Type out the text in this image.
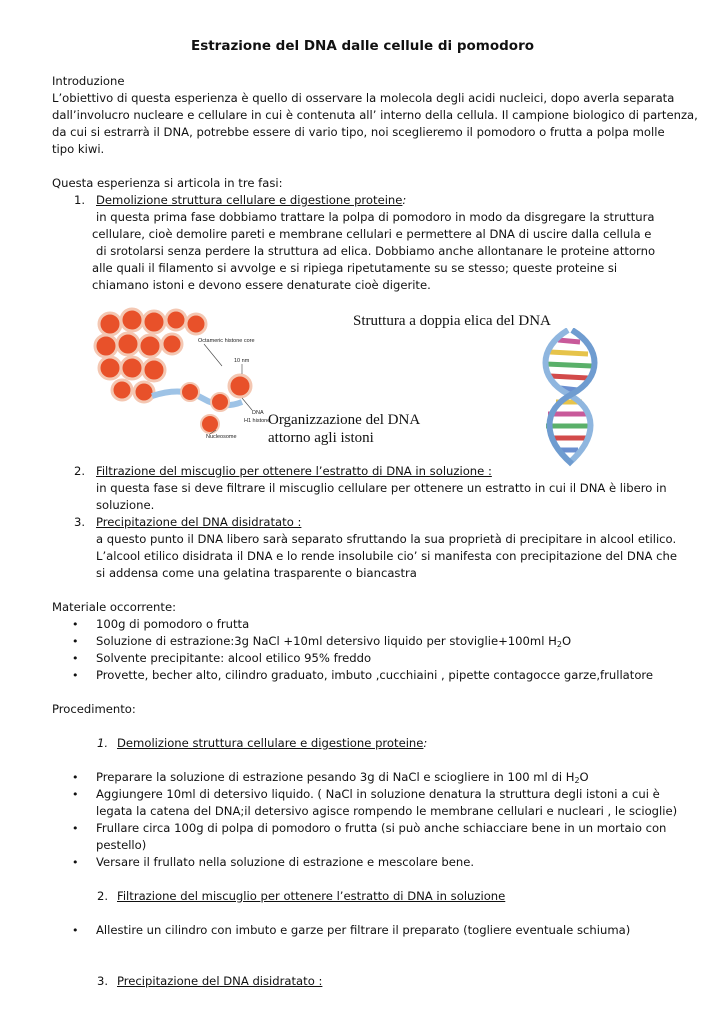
Estrazione del DNA dalle cellule di pomodoro
Introduzione
L’obiettivo di questa esperienza è quello di osservare la molecola degli acidi nucleici, dopo averla separata
dall’involucro nucleare e cellulare in cui è contenuta all’ interno della cellula. Il campione biologico di partenza,
da cui si estrarrà il DNA, potrebbe essere di vario tipo, noi sceglieremo il pomodoro o frutta a polpa molle
tipo kiwi.
Questa esperienza si articola in tre fasi:
1. Demolizione struttura cellulare e digestione proteine:
in questa prima fase dobbiamo trattare la polpa di pomodoro in modo da disgregare la struttura
cellulare, cioè demolire pareti e membrane cellulari e permettere al DNA di uscire dalla cellula e
di srotolarsi senza perdere la struttura ad elica. Dobbiamo anche allontanare le proteine attorno
alle quali il filamento si avvolge e si ripiega ripetutamente su se stesso; queste proteine si
chiamano istoni e devono essere denaturate cioè digerite.
Octameric histone core
10 nm
DNA
H1 histone
Nucleosome
Organizzazione del DNA
attorno agli istoni
Struttura a doppia elica del DNA
2. Filtrazione del miscuglio per ottenere l’estratto di DNA in soluzione :
in questa fase si deve filtrare il miscuglio cellulare per ottenere un estratto in cui il DNA è libero in
soluzione.
3. Precipitazione del DNA disidratato :
a questo punto il DNA libero sarà separato sfruttando la sua proprietà di precipitare in alcool etilico.
L’alcool etilico disidrata il DNA e lo rende insolubile cio’ si manifesta con precipitazione del DNA che
si addensa come una gelatina trasparente o biancastra
Materiale occorrente:
• 100g di pomodoro o frutta
• Soluzione di estrazione:3g NaCl +10ml detersivo liquido per stoviglie+100ml $H_2O$
• Solvente precipitante: alcool etilico 95% freddo
• Provette, becher alto, cilindro graduato, imbuto ,cucchiaini , pipette contagocce garze,frullatore
Procedimento:
1. Demolizione struttura cellulare e digestione proteine:
• Preparare la soluzione di estrazione pesando 3g di NaCl e sciogliere in 100 ml di $H_2O$
• Aggiungere 10ml di detersivo liquido. ( NaCl in soluzione denatura la struttura degli istoni a cui è
legata la catena del DNA;il detersivo agisce rompendo le membrane cellulari e nucleari , le scioglie)
• Frullare circa 100g di polpa di pomodoro o frutta (si può anche schiacciare bene in un mortaio con
pestello)
• Versare il frullato nella soluzione di estrazione e mescolare bene.
2. Filtrazione del miscuglio per ottenere l’estratto di DNA in soluzione
• Allestire un cilindro con imbuto e garze per filtrare il preparato (togliere eventuale schiuma)
3. Precipitazione del DNA disidratato :
